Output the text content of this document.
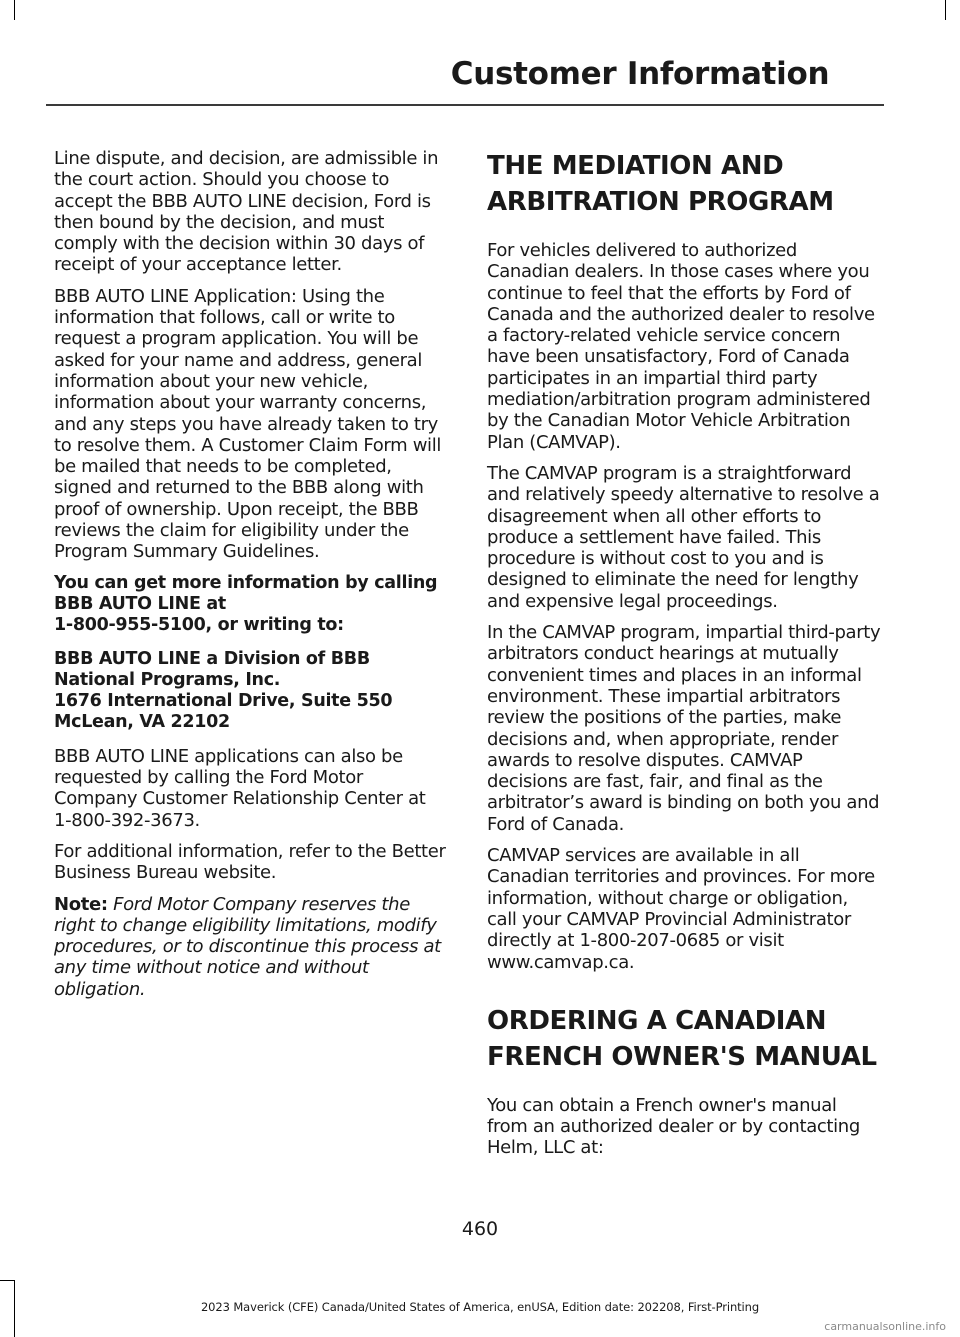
Customer Information

Line dispute, and decision, are admissible in the court action. Should you choose to accept the BBB AUTO LINE decision, Ford is then bound by the decision, and must comply with the decision within 30 days of receipt of your acceptance letter.

BBB AUTO LINE Application: Using the information that follows, call or write to request a program application. You will be asked for your name and address, general information about your new vehicle, information about your warranty concerns, and any steps you have already taken to try to resolve them. A Customer Claim Form will be mailed that needs to be completed, signed and returned to the BBB along with proof of ownership. Upon receipt, the BBB reviews the claim for eligibility under the Program Summary Guidelines.

You can get more information by calling BBB AUTO LINE at
1-800-955-5100, or writing to:

BBB AUTO LINE a Division of BBB National Programs, Inc.
1676 International Drive, Suite 550
McLean, VA 22102

BBB AUTO LINE applications can also be requested by calling the Ford Motor Company Customer Relationship Center at 1-800-392-3673.

For additional information, refer to the Better Business Bureau website.

Note: Ford Motor Company reserves the right to change eligibility limitations, modify procedures, or to discontinue this process at any time without notice and without obligation.

THE MEDIATION AND
ARBITRATION PROGRAM

For vehicles delivered to authorized Canadian dealers. In those cases where you continue to feel that the efforts by Ford of Canada and the authorized dealer to resolve a factory-related vehicle service concern have been unsatisfactory, Ford of Canada participates in an impartial third party mediation/arbitration program administered by the Canadian Motor Vehicle Arbitration Plan (CAMVAP).

The CAMVAP program is a straightforward and relatively speedy alternative to resolve a disagreement when all other efforts to produce a settlement have failed. This procedure is without cost to you and is designed to eliminate the need for lengthy and expensive legal proceedings.

In the CAMVAP program, impartial third-party arbitrators conduct hearings at mutually convenient times and places in an informal environment. These impartial arbitrators review the positions of the parties, make decisions and, when appropriate, render awards to resolve disputes. CAMVAP decisions are fast, fair, and final as the arbitrator’s award is binding on both you and Ford of Canada.

CAMVAP services are available in all Canadian territories and provinces. For more information, without charge or obligation, call your CAMVAP Provincial Administrator directly at 1-800-207-0685 or visit www.camvap.ca.

ORDERING A CANADIAN
FRENCH OWNER'S MANUAL

You can obtain a French owner's manual from an authorized dealer or by contacting Helm, LLC at:

460

2023 Maverick (CFE) Canada/United States of America, enUSA, Edition date: 202208, First-Printing

carmanualsonline.info
